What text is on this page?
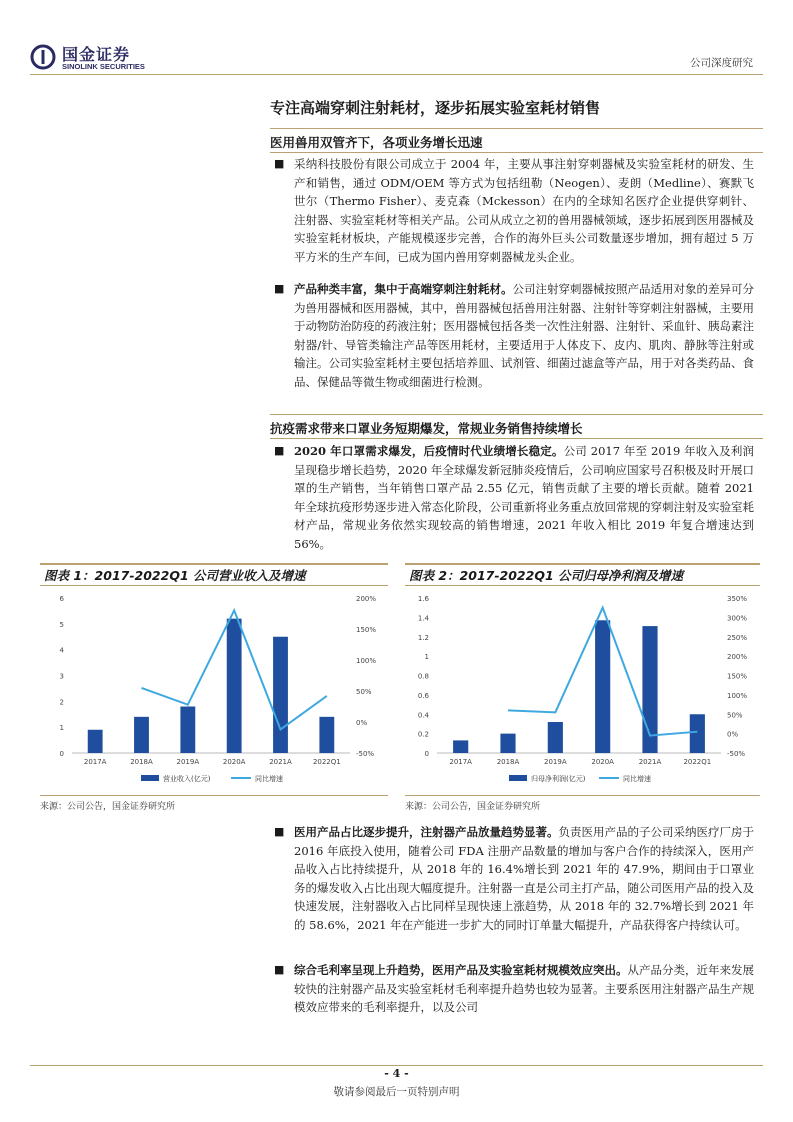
国金证券
SINOLINK SECURITIES	公司深度研究
专注高端穿刺注射耗材，逐步拓展实验室耗材销售
医用兽用双管齐下，各项业务增长迅速
■ 采纳科技股份有限公司成立于 2004 年，主要从事注射穿刺器械及实验室耗材的研发、生产和销售，通过 ODM/OEM 等方式为包括纽勒（Neogen）、麦朗（Medline）、赛默飞世尔（Thermo Fisher）、麦克森（Mckesson）在内的全球知名医疗企业提供穿刺针、注射器、实验室耗材等相关产品。公司从成立之初的兽用器械领域，逐步拓展到医用器械及实验室耗材板块，产能规模逐步完善，合作的海外巨头公司数量逐步增加，拥有超过 5 万平方米的生产车间，已成为国内兽用穿刺器械龙头企业。
■ 产品种类丰富，集中于高端穿刺注射耗材。公司注射穿刺器械按照产品适用对象的差异可分为兽用器械和医用器械，其中，兽用器械包括兽用注射器、注射针等穿刺注射器械，主要用于动物防治防疫的药液注射；医用器械包括各类一次性注射器、注射针、采血针、胰岛素注射器/针、导管类输注产品等医用耗材，主要适用于人体皮下、皮内、肌肉、静脉等注射或输注。公司实验室耗材主要包括培养皿、试剂管、细菌过滤盒等产品，用于对各类药品、食品、保健品等微生物或细菌进行检测。
抗疫需求带来口罩业务短期爆发，常规业务销售持续增长
■ 2020 年口罩需求爆发，后疫情时代业绩增长稳定。公司 2017 年至 2019 年收入及利润呈现稳步增长趋势，2020 年全球爆发新冠肺炎疫情后，公司响应国家号召积极及时开展口罩的生产销售，当年销售口罩产品 2.55 亿元，销售贡献了主要的增长贡献。随着 2021 年全球抗疫形势逐步进入常态化阶段，公司重新将业务重点放回常规的穿刺注射及实验室耗材产品，常规业务依然实现较高的销售增速，2021 年收入相比 2019 年复合增速达到 56%。
图表 1：2017-2022Q1 公司营业收入及增速
0
1
2
3
4
5
6
-50%
0%
50%
100%
150%
200%
2017A	2018A	2019A	2020A	2021A	2022Q1
营业收入(亿元)	同比增速
来源：公司公告，国金证券研究所
图表 2：2017-2022Q1 公司归母净利润及增速
0
0.2
0.4
0.6
0.8
1
1.2
1.4
1.6
-50%
0%
50%
100%
150%
200%
250%
300%
350%
2017A	2018A	2019A	2020A	2021A	2022Q1
归母净利润(亿元)	同比增速
来源：公司公告，国金证券研究所
■ 医用产品占比逐步提升，注射器产品放量趋势显著。负责医用产品的子公司采纳医疗厂房于 2016 年底投入使用，随着公司 FDA 注册产品数量的增加与客户合作的持续深入，医用产品收入占比持续提升，从 2018 年的 16.4%增长到 2021 年的 47.9%，期间由于口罩业务的爆发收入占比出现大幅度提升。注射器一直是公司主打产品，随公司医用产品的投入及快速发展，注射器收入占比同样呈现快速上涨趋势，从 2018 年的 32.7%增长到 2021 年的 58.6%，2021 年在产能进一步扩大的同时订单量大幅提升，产品获得客户持续认可。
■ 综合毛利率呈现上升趋势，医用产品及实验室耗材规模效应突出。从产品分类，近年来发展较快的注射器产品及实验室耗材毛利率提升趋势也较为显著。主要系医用注射器产品生产规模效应带来的毛利率提升，以及公司
- 4 -
敬请参阅最后一页特别声明
